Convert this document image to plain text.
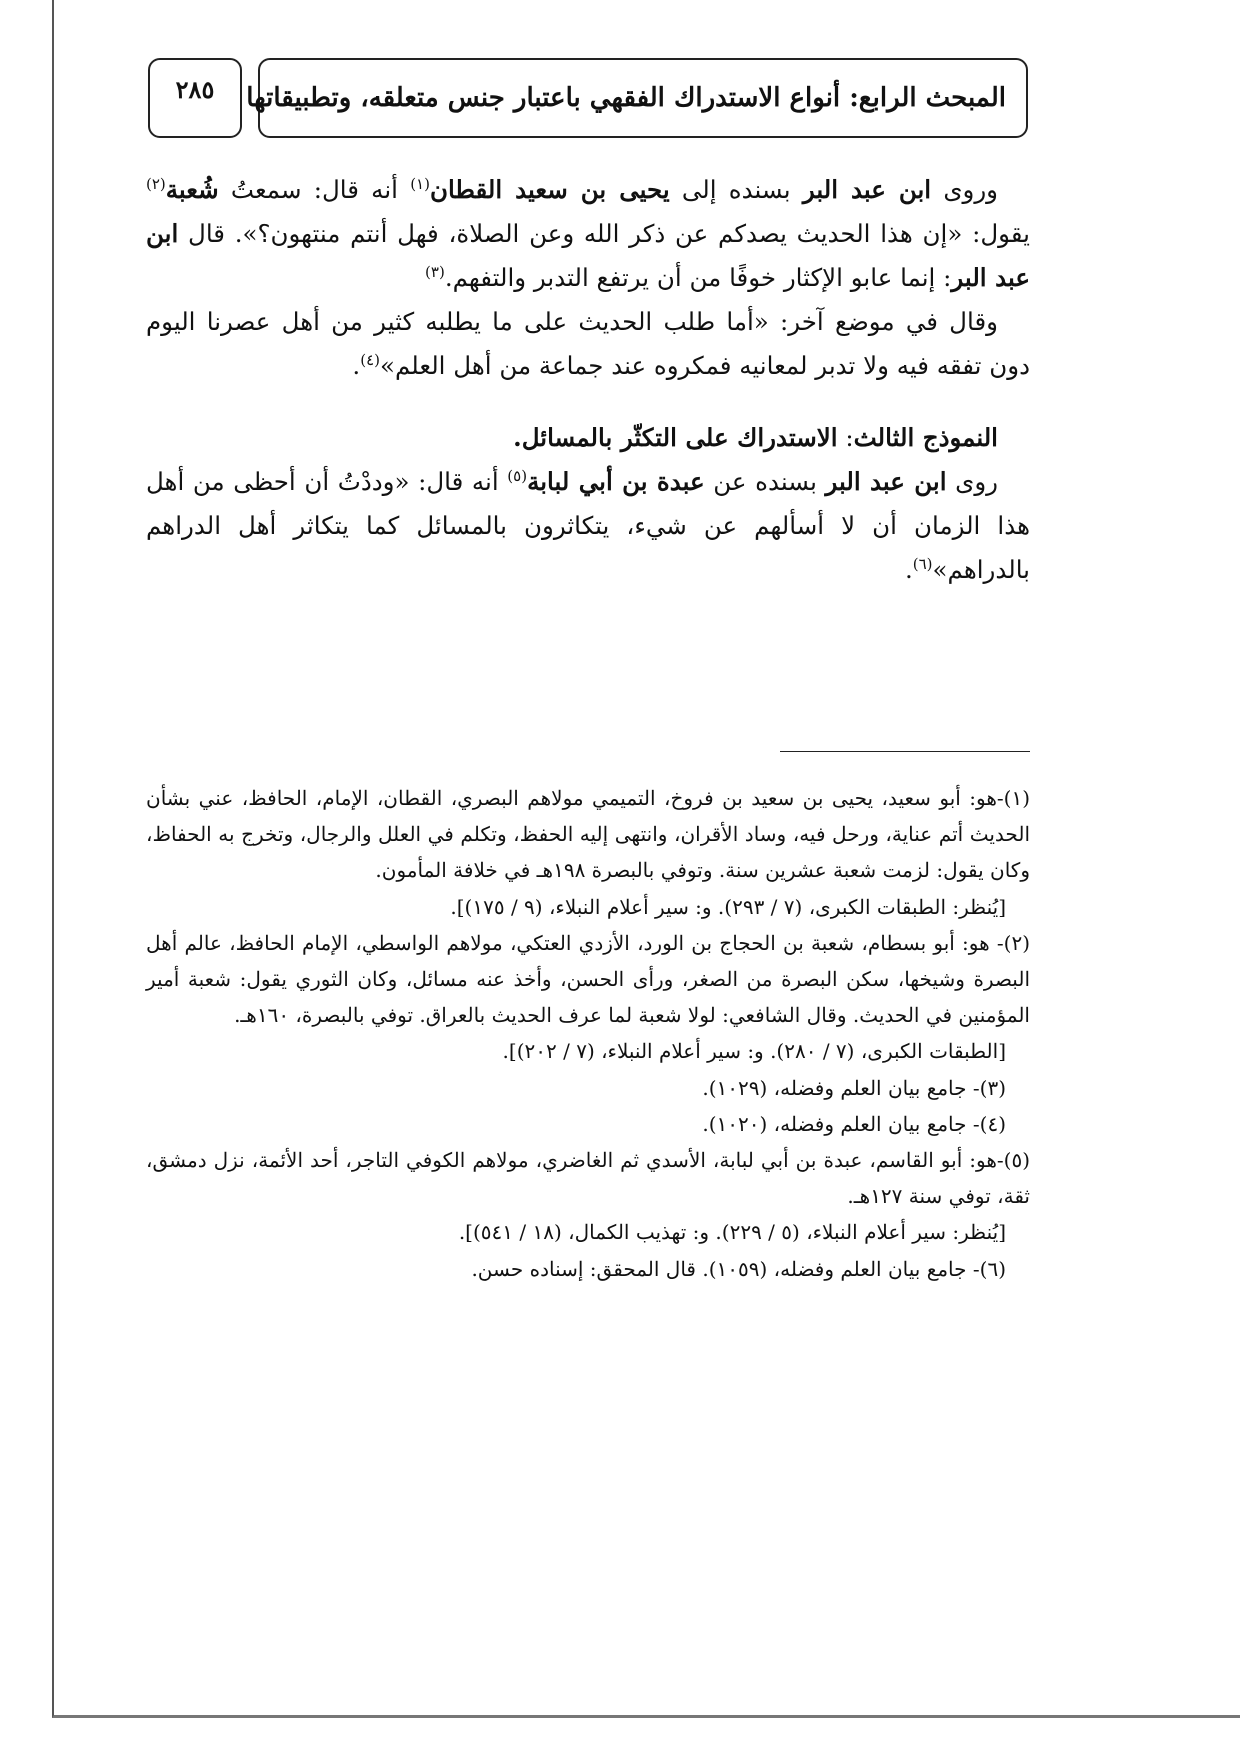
المبحث الرابع: أنواع الاستدراك الفقهي باعتبار جنس متعلقه، وتطبيقاتها
٢٨٥

وروى ابن عبد البر بسنده إلى يحيى بن سعيد القطان$^{(١)}$ أنه قال: سمعتُ شُعبة$^{(٢)}$ يقول: «إن هذا الحديث يصدكم عن ذكر الله وعن الصلاة، فهل أنتم منتهون؟». قال ابن عبد البر: إنما عابو الإكثار خوفًا من أن يرتفع التدبر والتفهم.$^{(٣)}$

وقال في موضع آخر: «أما طلب الحديث على ما يطلبه كثير من أهل عصرنا اليوم دون تفقه فيه ولا تدبر لمعانيه فمكروه عند جماعة من أهل العلم»$^{(٤)}$.

النموذج الثالث: الاستدراك على التكثّر بالمسائل.

روى ابن عبد البر بسنده عن عبدة بن أبي لبابة$^{(٥)}$ أنه قال: «وددْتُ أن أحظى من أهل هذا الزمان أن لا أسألهم عن شيء، يتكاثرون بالمسائل كما يتكاثر أهل الدراهم بالدراهم»$^{(٦)}$.

(١)-هو: أبو سعيد، يحيى بن سعيد بن فروخ، التميمي مولاهم البصري، القطان، الإمام، الحافظ، عني بشأن الحديث أتم عناية، ورحل فيه، وساد الأقران، وانتهى إليه الحفظ، وتكلم في العلل والرجال، وتخرج به الحفاظ، وكان يقول: لزمت شعبة عشرين سنة. وتوفي بالبصرة ١٩٨هـ في خلافة المأمون.

[يُنظر: الطبقات الكبرى، (٧ / ٢٩٣). و: سير أعلام النبلاء، (٩ / ١٧٥)].

(٢)- هو: أبو بسطام، شعبة بن الحجاج بن الورد، الأزدي العتكي، مولاهم الواسطي، الإمام الحافظ، عالم أهل البصرة وشيخها، سكن البصرة من الصغر، ورأى الحسن، وأخذ عنه مسائل، وكان الثوري يقول: شعبة أمير المؤمنين في الحديث. وقال الشافعي: لولا شعبة لما عرف الحديث بالعراق. توفي بالبصرة، ١٦٠هـ.

[الطبقات الكبرى، (٧ / ٢٨٠). و: سير أعلام النبلاء، (٧ / ٢٠٢)].

(٣)- جامع بيان العلم وفضله، (١٠٢٩).

(٤)- جامع بيان العلم وفضله، (١٠٢٠).

(٥)-هو: أبو القاسم، عبدة بن أبي لبابة، الأسدي ثم الغاضري، مولاهم الكوفي التاجر، أحد الأئمة، نزل دمشق، ثقة، توفي سنة ١٢٧هـ.

[يُنظر: سير أعلام النبلاء، (٥ / ٢٢٩). و: تهذيب الكمال، (١٨ / ٥٤١)].

(٦)- جامع بيان العلم وفضله، (١٠٥٩). قال المحقق: إسناده حسن.
